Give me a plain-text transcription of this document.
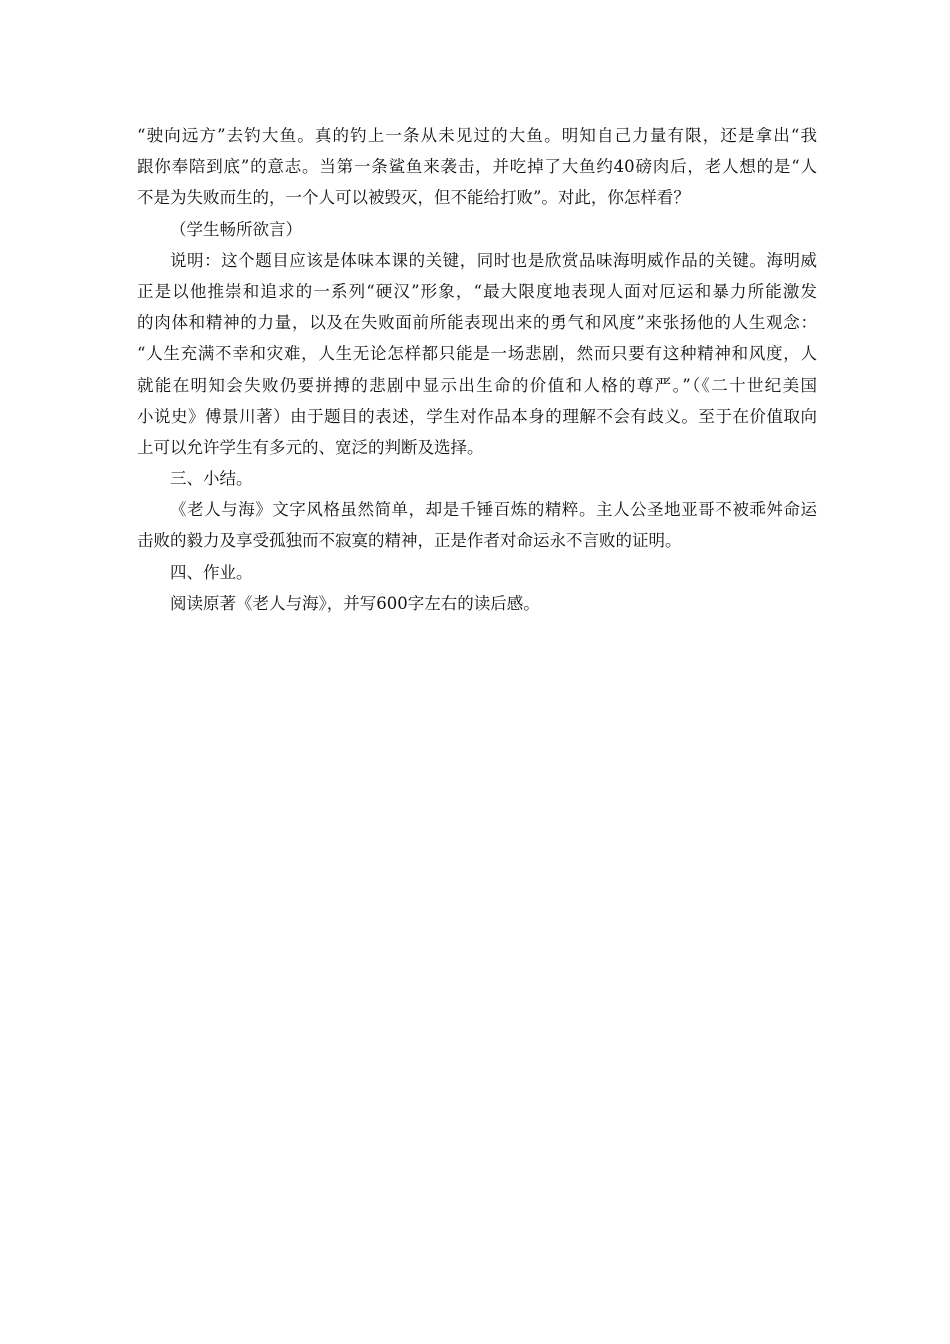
“驶向远方”去钓大鱼。真的钓上一条从未见过的大鱼。明知自己力量有限，还是拿出“我
跟你奉陪到底”的意志。当第一条鲨鱼来袭击，并吃掉了大鱼约40磅肉后，老人想的是“人
不是为失败而生的，一个人可以被毁灭，但不能给打败”。对此，你怎样看？
（学生畅所欲言）
说明：这个题目应该是体味本课的关键，同时也是欣赏品味海明威作品的关键。海明威
正是以他推崇和追求的一系列“硬汉”形象，“最大限度地表现人面对厄运和暴力所能激发
的肉体和精神的力量，以及在失败面前所能表现出来的勇气和风度”来张扬他的人生观念：
“人生充满不幸和灾难，人生无论怎样都只能是一场悲剧，然而只要有这种精神和风度，人
就能在明知会失败仍要拼搏的悲剧中显示出生命的价值和人格的尊严。”（《二十世纪美国
小说史》傅景川著）由于题目的表述，学生对作品本身的理解不会有歧义。至于在价值取向
上可以允许学生有多元的、宽泛的判断及选择。
三、小结。
《老人与海》文字风格虽然简单，却是千锤百炼的精粹。主人公圣地亚哥不被乖舛命运
击败的毅力及享受孤独而不寂寞的精神，正是作者对命运永不言败的证明。
四、作业。
阅读原著《老人与海》，并写600字左右的读后感。
